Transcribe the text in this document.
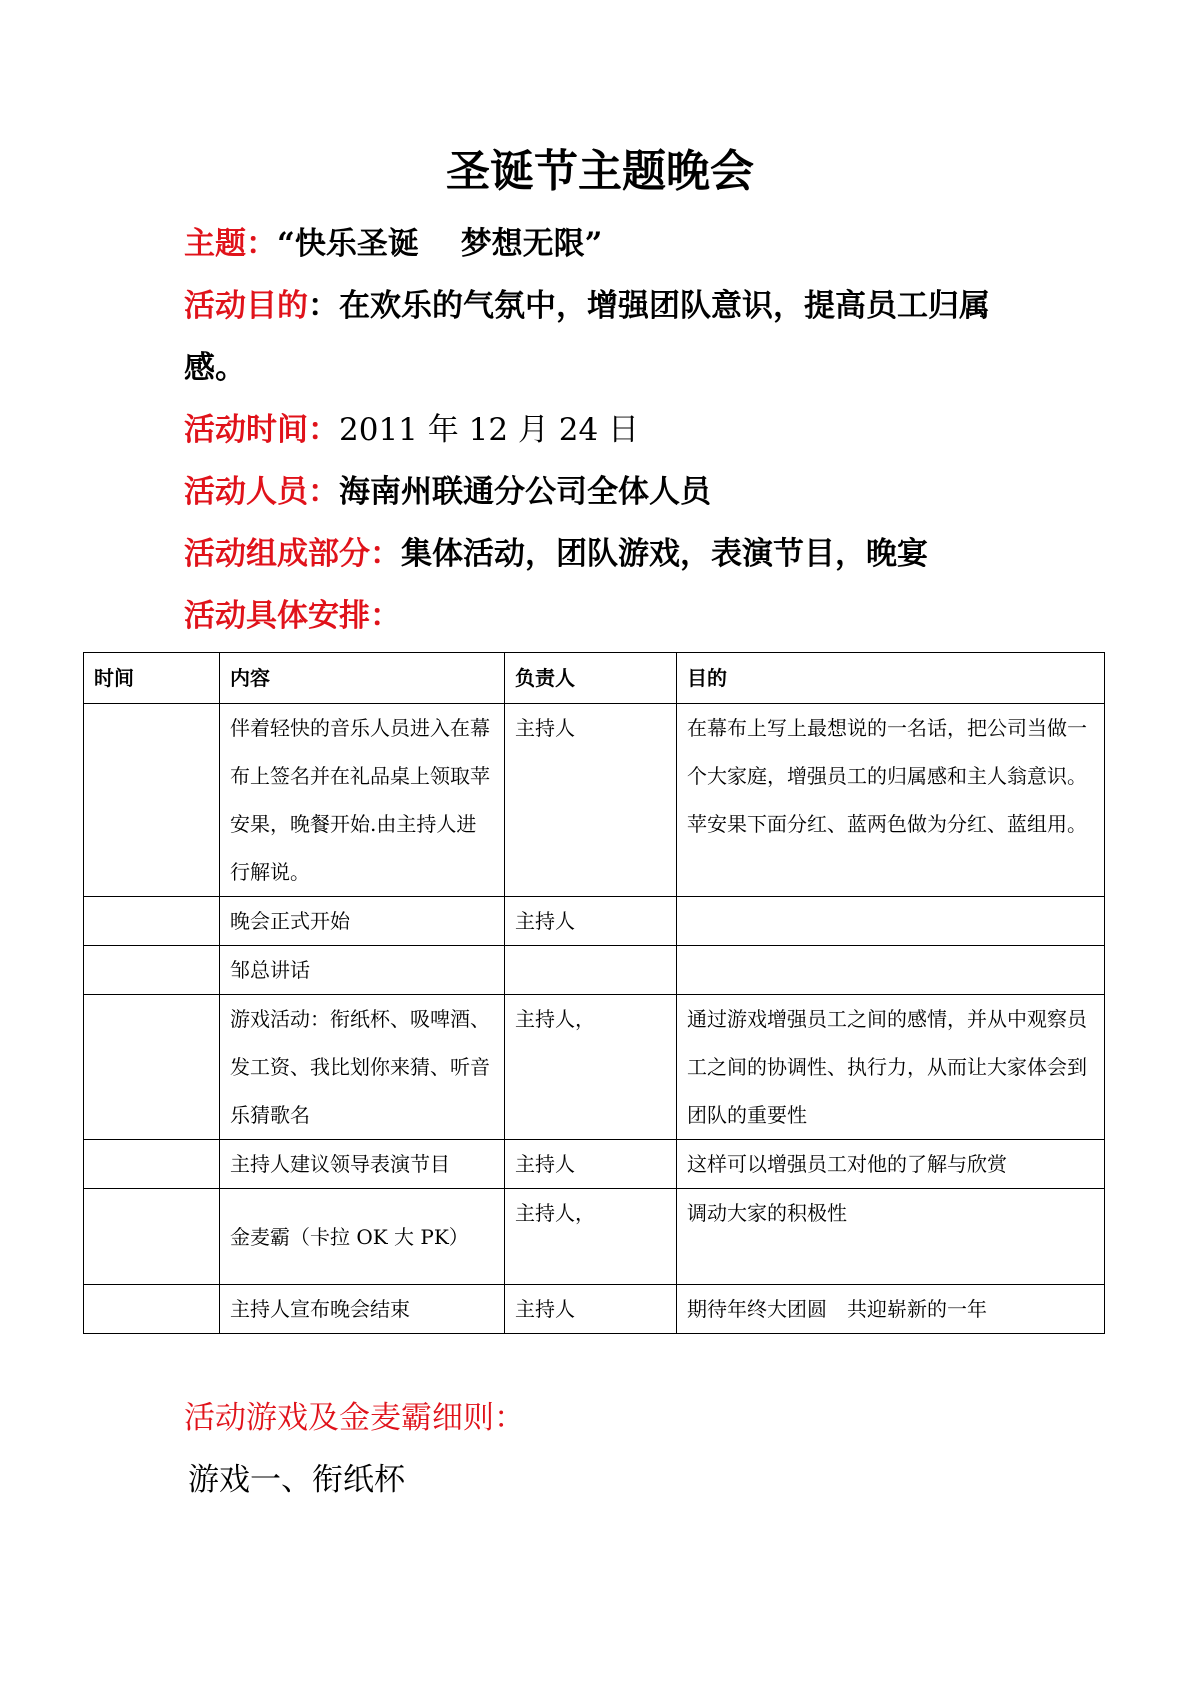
圣诞节主题晚会
主题：“快乐圣诞　 梦想无限”
活动目的：在欢乐的气氛中，增强团队意识，提高员工归属
感。
活动时间：2011 年 12 月 24 日
活动人员：海南州联通分公司全体人员
活动组成部分：集体活动，团队游戏，表演节目，晚宴
活动具体安排：
时间	内容	负责人	目的
	伴着轻快的音乐人员进入在幕布上签名并在礼品桌上领取苹安果，晚餐开始.由主持人进行解说。	主持人	在幕布上写上最想说的一名话，把公司当做一个大家庭，增强员工的归属感和主人翁意识。苹安果下面分红、蓝两色做为分红、蓝组用。
	晚会正式开始	主持人	
	邹总讲话		
	游戏活动：衔纸杯、吸啤酒、发工资、我比划你来猜、听音乐猜歌名	主持人，	通过游戏增强员工之间的感情，并从中观察员工之间的协调性、执行力，从而让大家体会到团队的重要性
	主持人建议领导表演节目	主持人	这样可以增强员工对他的了解与欣赏
	金麦霸（卡拉 OK 大 PK）	主持人，	调动大家的积极性
	主持人宣布晚会结束	主持人	期待年终大团圆　共迎崭新的一年
活动游戏及金麦霸细则：
游戏一、衔纸杯
